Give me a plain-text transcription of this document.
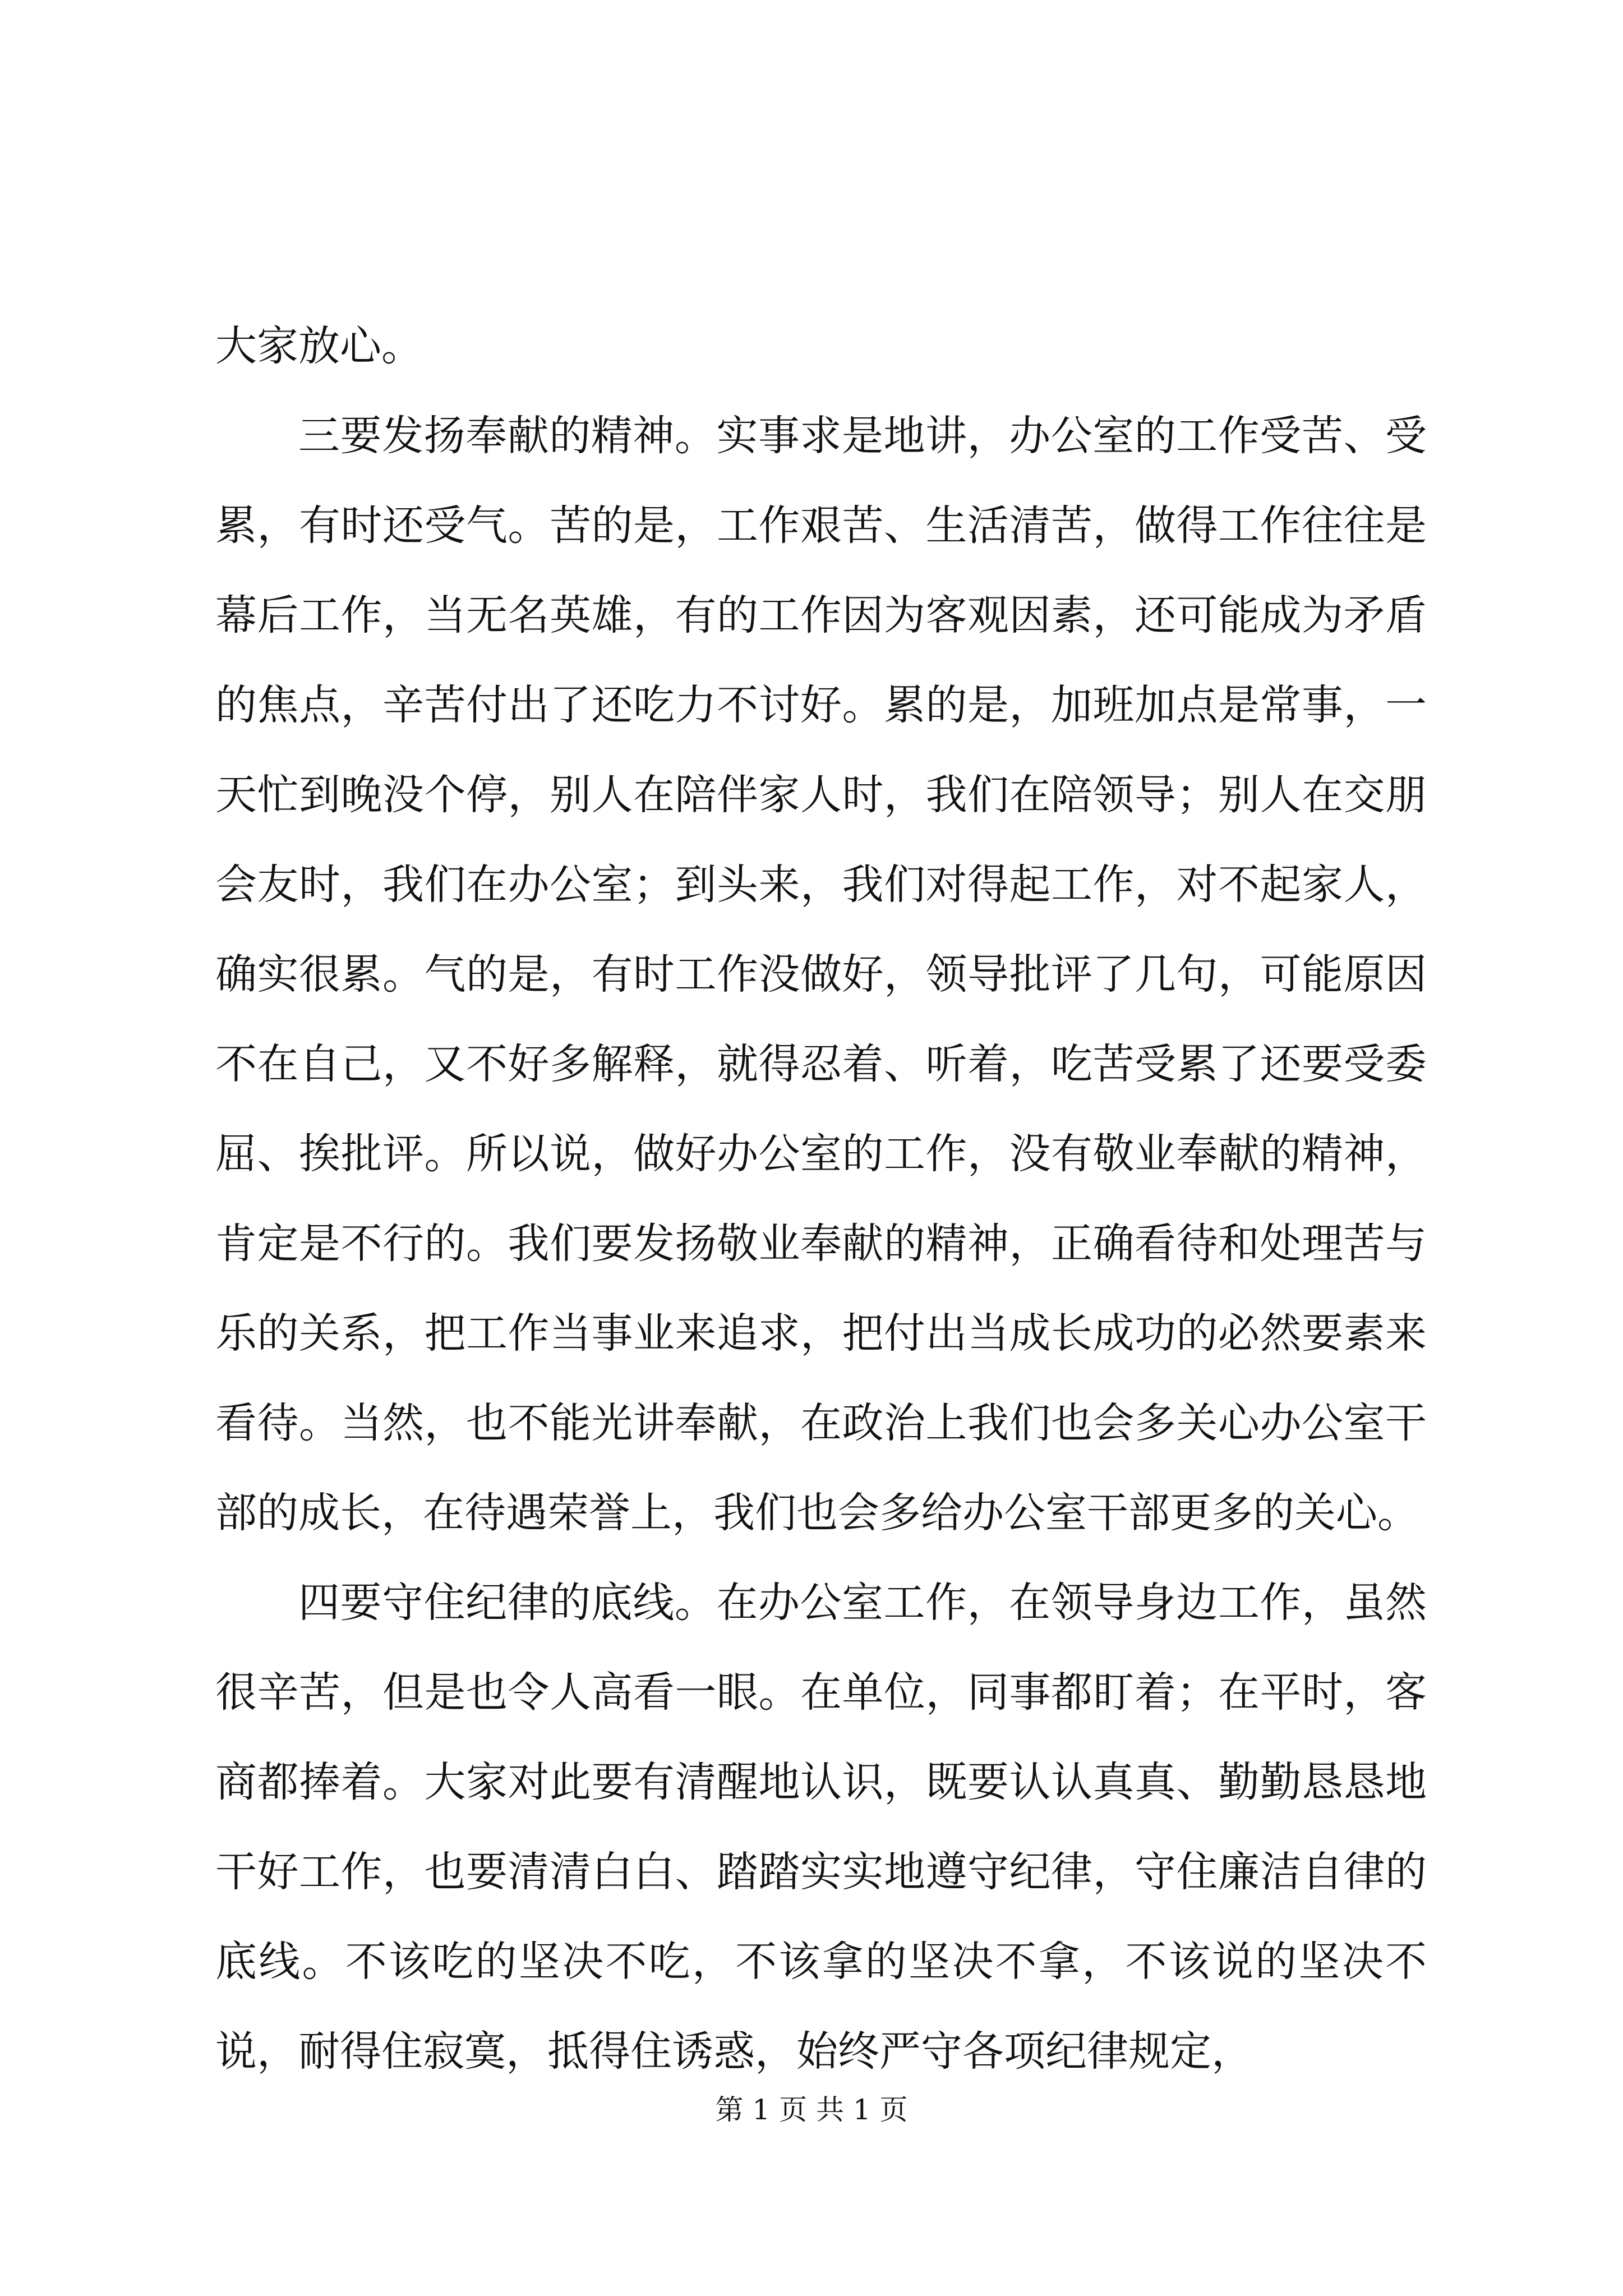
大家放心。

三要发扬奉献的精神。实事求是地讲，办公室的工作受苦、受累，有时还受气。苦的是，工作艰苦、生活清苦，做得工作往往是幕后工作，当无名英雄，有的工作因为客观因素，还可能成为矛盾的焦点，辛苦付出了还吃力不讨好。累的是，加班加点是常事，一天忙到晚没个停，别人在陪伴家人时，我们在陪领导；别人在交朋会友时，我们在办公室；到头来，我们对得起工作，对不起家人，确实很累。气的是，有时工作没做好，领导批评了几句，可能原因不在自己，又不好多解释，就得忍着、听着，吃苦受累了还要受委屈、挨批评。所以说，做好办公室的工作，没有敬业奉献的精神，肯定是不行的。我们要发扬敬业奉献的精神，正确看待和处理苦与乐的关系，把工作当事业来追求，把付出当成长成功的必然要素来看待。当然，也不能光讲奉献，在政治上我们也会多关心办公室干部的成长，在待遇荣誉上，我们也会多给办公室干部更多的关心。

四要守住纪律的底线。在办公室工作，在领导身边工作，虽然很辛苦，但是也令人高看一眼。在单位，同事都盯着；在平时，客商都捧着。大家对此要有清醒地认识，既要认认真真、勤勤恳恳地干好工作，也要清清白白、踏踏实实地遵守纪律，守住廉洁自律的底线。不该吃的坚决不吃，不该拿的坚决不拿，不该说的坚决不说，耐得住寂寞，抵得住诱惑，始终严守各项纪律规定，

第 1 页 共 1 页
